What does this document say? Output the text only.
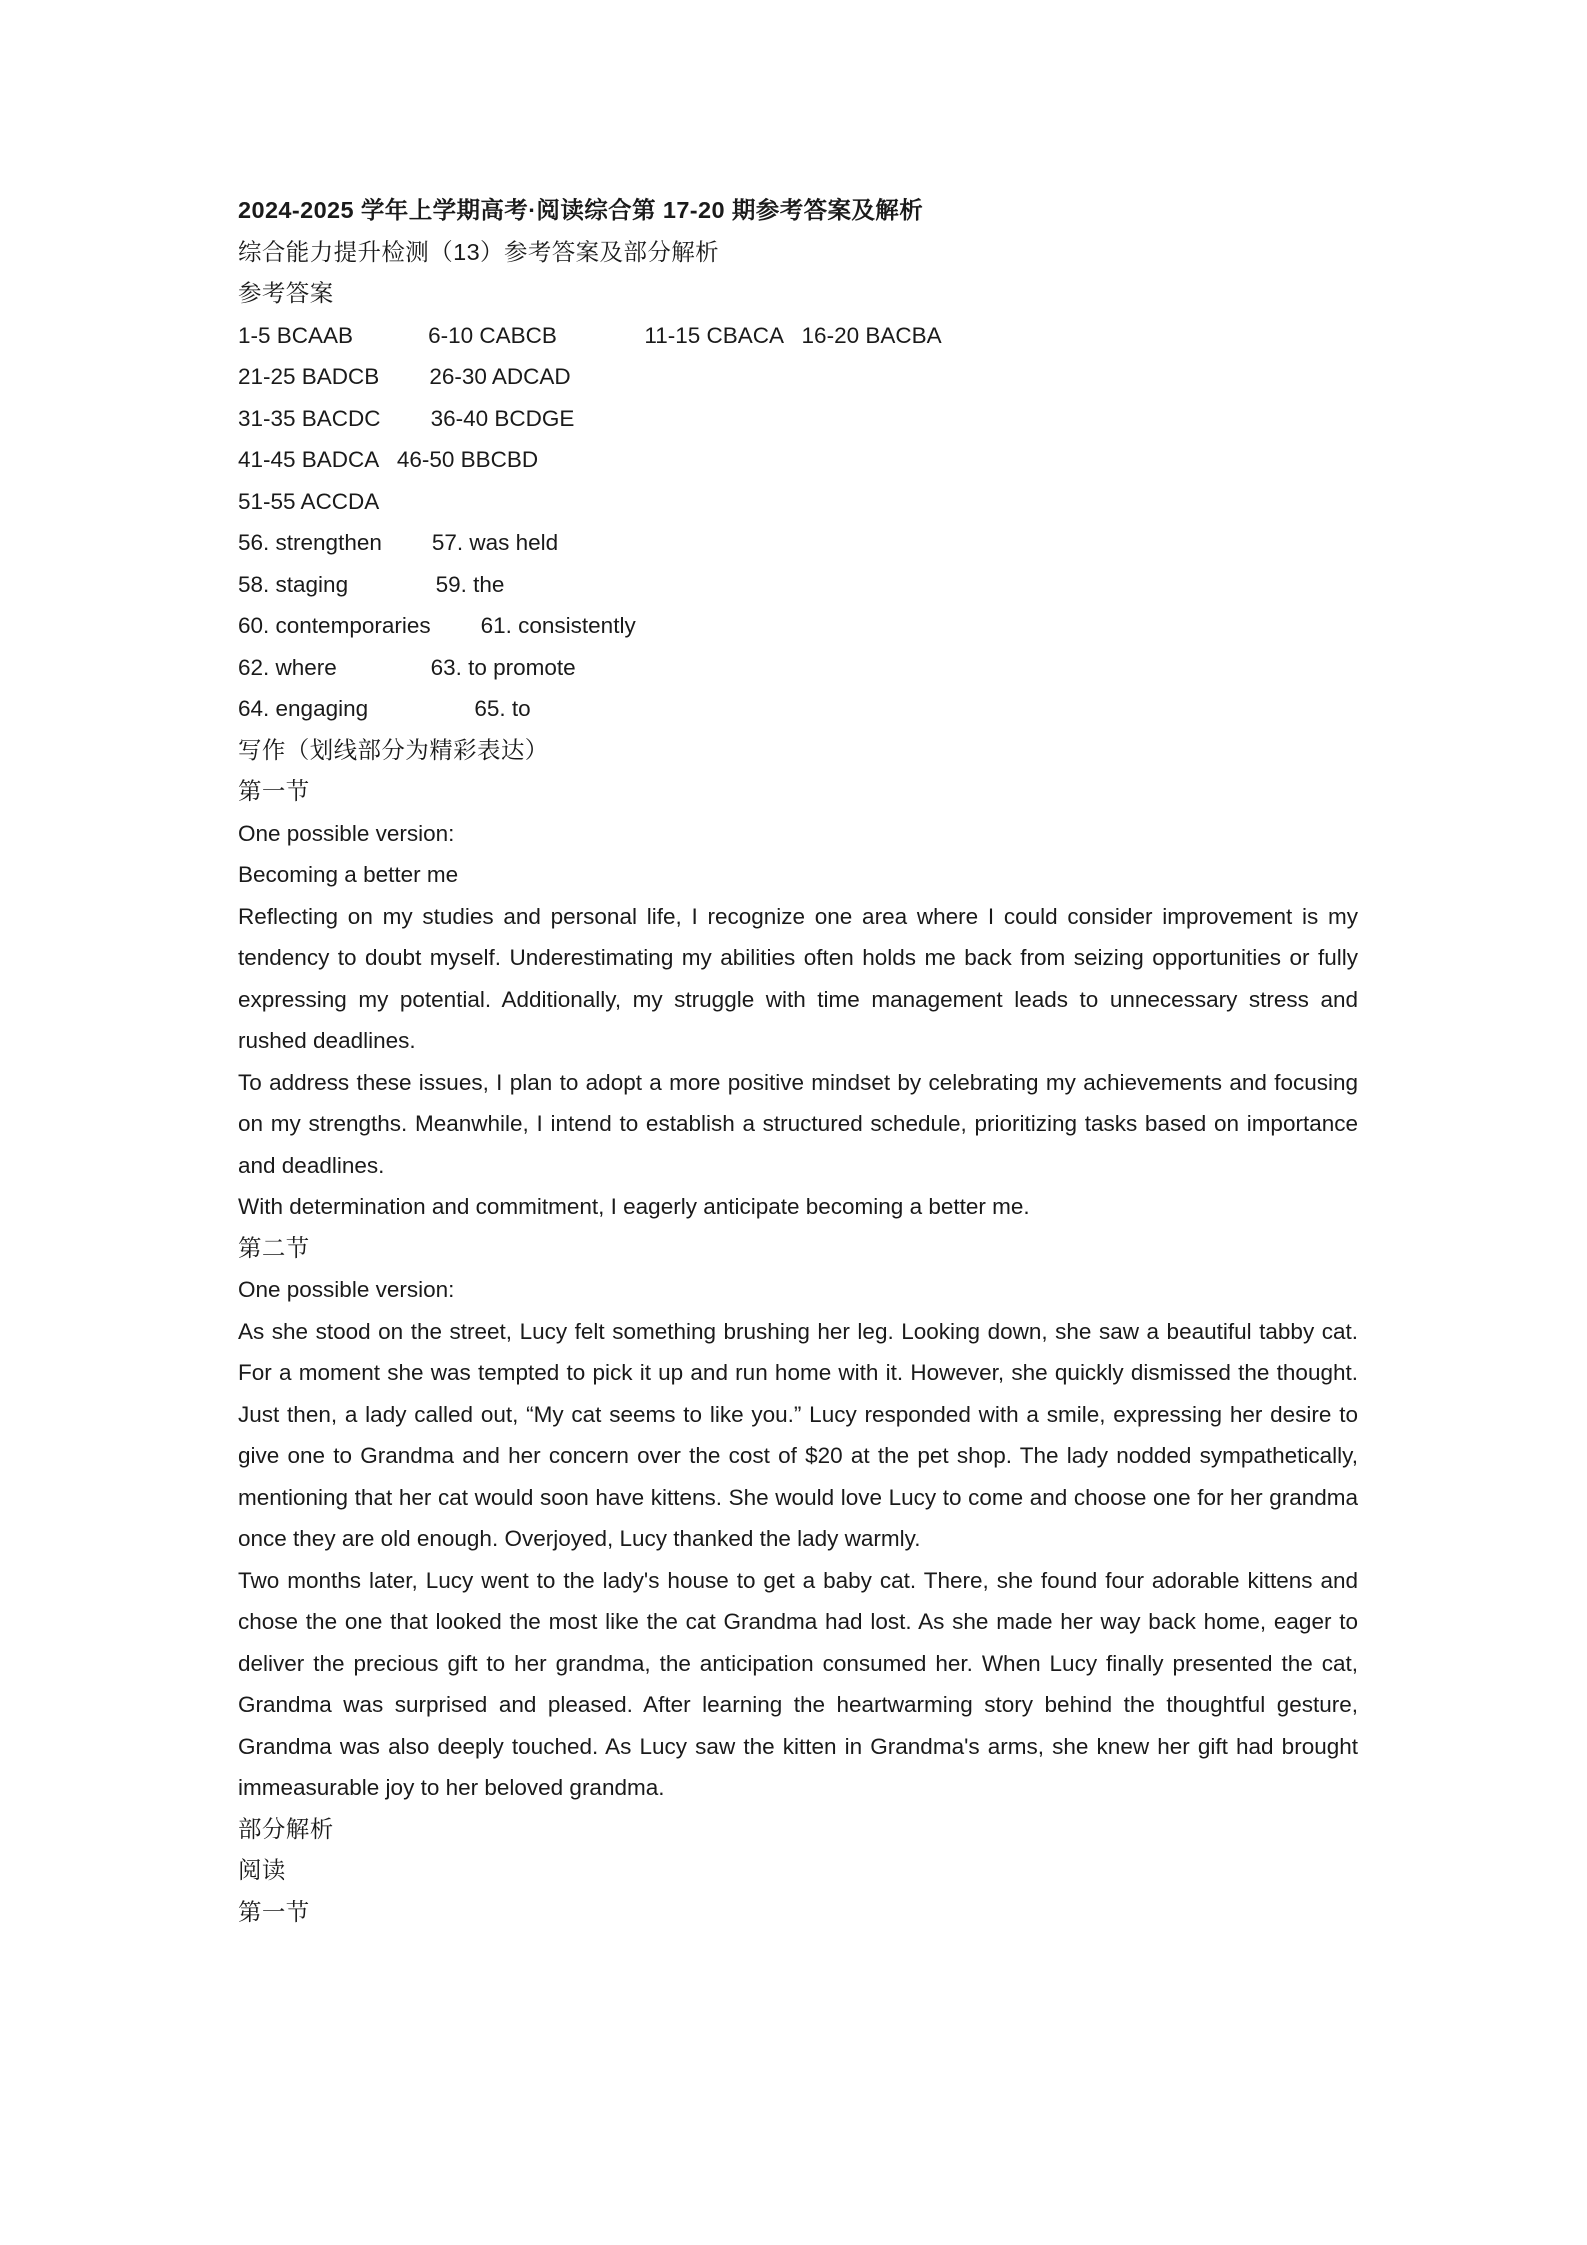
2024-2025 学年上学期高考·阅读综合第 17-20 期参考答案及解析
综合能力提升检测（13）参考答案及部分解析
参考答案
1-5 BCAAB            6-10 CABCB              11-15 CBACA   16-20 BACBA
21-25 BADCB        26-30 ADCAD
31-35 BACDC        36-40 BCDGE
41-45 BADCA   46-50 BBCBD
51-55 ACCDA
56. strengthen        57. was held
58. staging              59. the
60. contemporaries        61. consistently
62. where               63. to promote
64. engaging                 65. to
写作（划线部分为精彩表达）
第一节
One possible version:
Becoming a better me

Reflecting on my studies and personal life, I recognize one area where I could consider improvement is my tendency to doubt myself. Underestimating my abilities often holds me back from seizing opportunities or fully expressing my potential. Additionally, my struggle with time management leads to unnecessary stress and rushed deadlines.

To address these issues, I plan to adopt a more positive mindset by celebrating my achievements and focusing on my strengths. Meanwhile, I intend to establish a structured schedule, prioritizing tasks based on importance and deadlines.

With determination and commitment, I eagerly anticipate becoming a better me.

第二节
One possible version:

As she stood on the street, Lucy felt something brushing her leg. Looking down, she saw a beautiful tabby cat. For a moment she was tempted to pick it up and run home with it. However, she quickly dismissed the thought. Just then, a lady called out, “My cat seems to like you.” Lucy responded with a smile, expressing her desire to give one to Grandma and her concern over the cost of $20 at the pet shop. The lady nodded sympathetically, mentioning that her cat would soon have kittens. She would love Lucy to come and choose one for her grandma once they are old enough. Overjoyed, Lucy thanked the lady warmly.

Two months later, Lucy went to the lady's house to get a baby cat. There, she found four adorable kittens and chose the one that looked the most like the cat Grandma had lost. As she made her way back home, eager to deliver the precious gift to her grandma, the anticipation consumed her. When Lucy finally presented the cat, Grandma was surprised and pleased. After learning the heartwarming story behind the thoughtful gesture, Grandma was also deeply touched. As Lucy saw the kitten in Grandma's arms, she knew her gift had brought immeasurable joy to her beloved grandma.

部分解析
阅读
第一节
